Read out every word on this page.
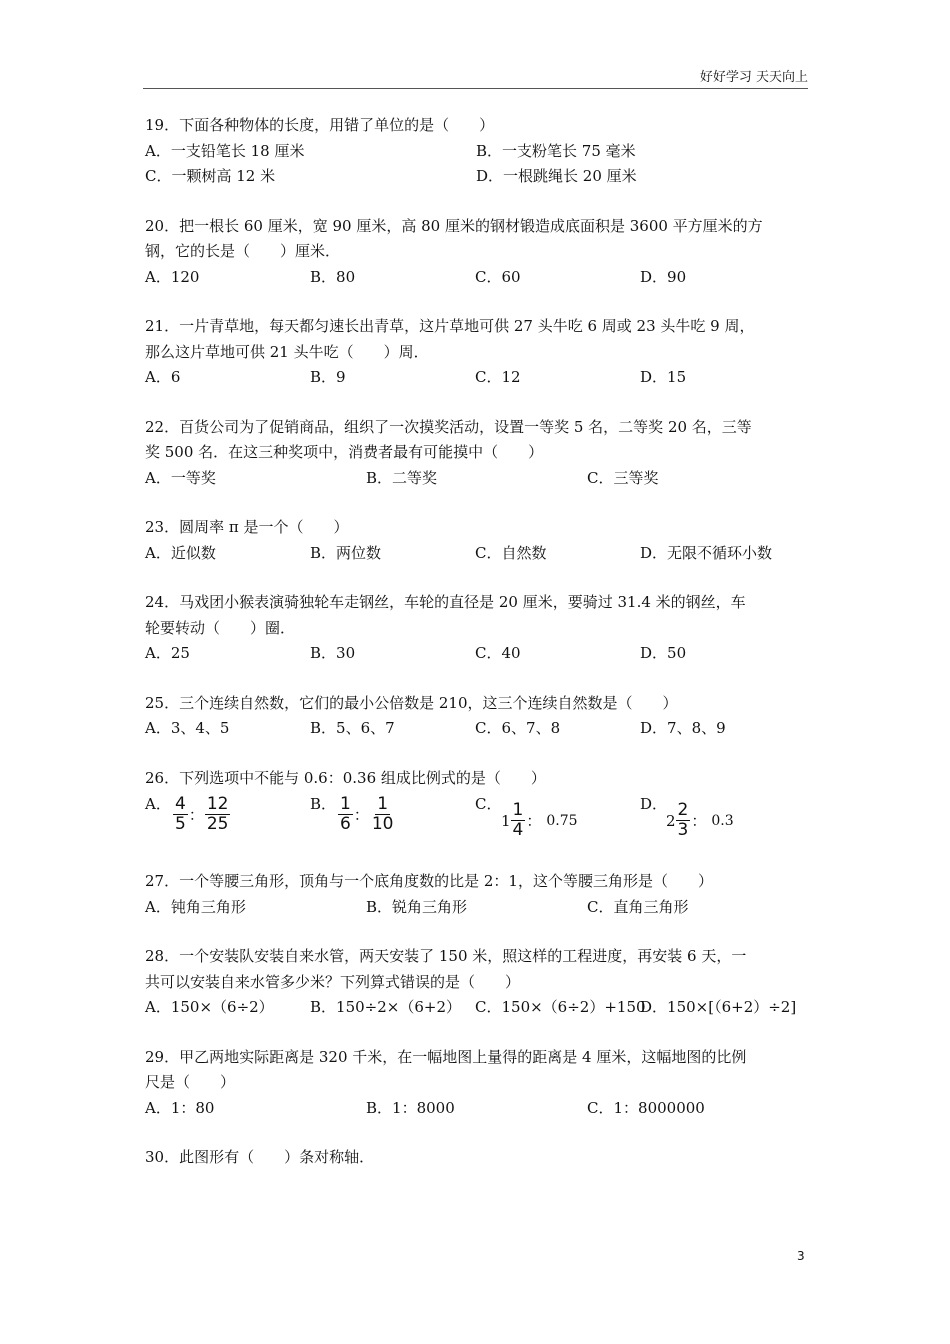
好好学习 天天向上
19．下面各种物体的长度，用错了单位的是（　　）
A．一支铅笔长 18 厘米	B．一支粉笔长 75 毫米
C．一颗树高 12 米	D．一根跳绳长 20 厘米
20．把一根长 60 厘米，宽 90 厘米，高 80 厘米的钢材锻造成底面积是 3600 平方厘米的方
钢，它的长是（　　）厘米．
A．120	B．80	C．60	D．90
21．一片青草地，每天都匀速长出青草，这片草地可供 27 头牛吃 6 周或 23 头牛吃 9 周，
那么这片草地可供 21 头牛吃（　　）周．
A．6	B．9	C．12	D．15
22．百货公司为了促销商品，组织了一次摸奖活动，设置一等奖 5 名，二等奖 20 名，三等
奖 500 名．在这三种奖项中，消费者最有可能摸中（　　）
A．一等奖	B．二等奖	C．三等奖
23．圆周率 π 是一个（　　）
A．近似数	B．两位数	C．自然数	D．无限不循环小数
24．马戏团小猴表演骑独轮车走钢丝，车轮的直径是 20 厘米，要骑过 31.4 米的钢丝，车
轮要转动（　　）圈．
A．25	B．30	C．40	D．50
25．三个连续自然数，它们的最小公倍数是 210，这三个连续自然数是（　　）
A．3、4、5	B．5、6、7	C．6、7、8	D．7、8、9
26．下列选项中不能与 0.6：0.36 组成比例式的是（　　）
A． $\frac{4}{5}$ ： $\frac{12}{25}$	B． $\frac{1}{6}$ ： $\frac{1}{10}$	C．
$1 \frac{1}{4}$ ： 0.75
D．
$2 \frac{2}{3}$ ： 0.3
27．一个等腰三角形，顶角与一个底角度数的比是 2：1，这个等腰三角形是（　　）
A．钝角三角形	B．锐角三角形	C．直角三角形
28．一个安装队安装自来水管，两天安装了 150 米，照这样的工程进度，再安装 6 天，一
共可以安装自来水管多少米？下列算式错误的是（　　）
A．150×（6÷2）	B．150÷2×（6+2） C．150×（6÷2）+150
D．150×[（6+2）÷2]
29．甲乙两地实际距离是 320 千米，在一幅地图上量得的距离是 4 厘米，这幅地图的比例
尺是（　　）
A．1：80	B．1：8000	C．1：8000000
30．此图形有（　　）条对称轴．
3
